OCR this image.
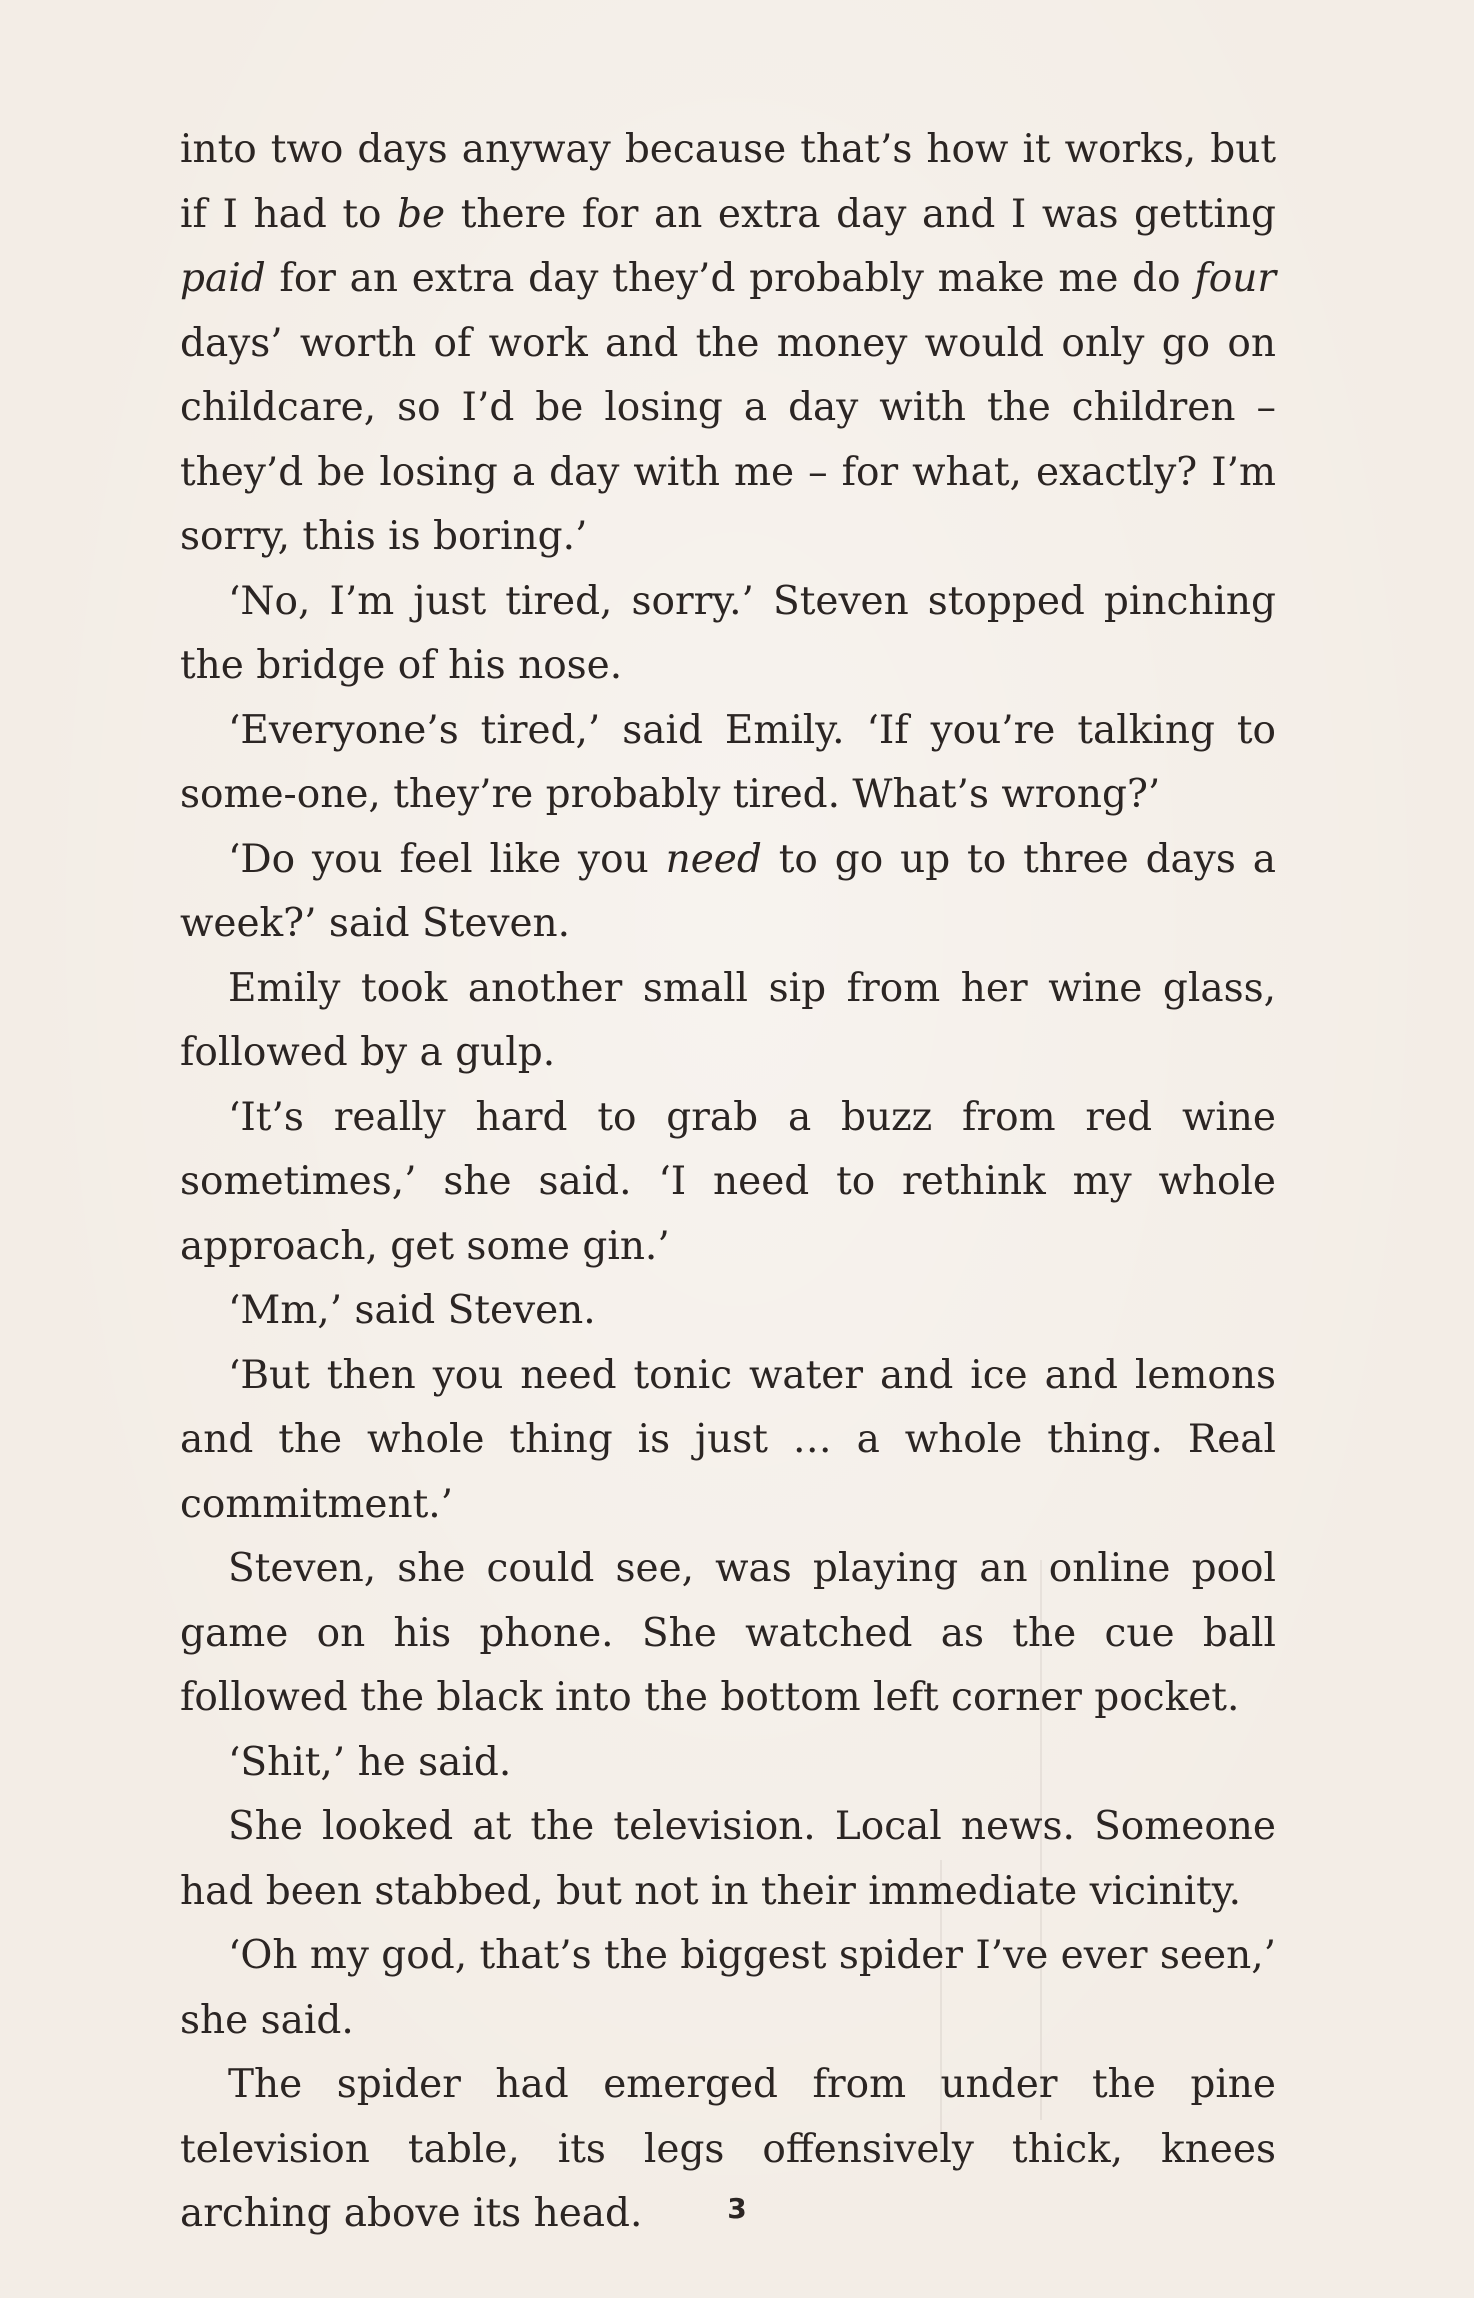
into two days anyway because that’s how it works, but if I had to be there for an extra day and I was getting paid for an extra day they’d probably make me do four days’ worth of work and the money would only go on childcare, so I’d be losing a day with the children – they’d be losing a day with me – for what, exactly? I’m sorry, this is boring.’

‘No, I’m just tired, sorry.’ Steven stopped pinching the bridge of his nose.

‘Everyone’s tired,’ said Emily. ‘If you’re talking to some-one, they’re probably tired. What’s wrong?’

‘Do you feel like you need to go up to three days a week?’ said Steven.

Emily took another small sip from her wine glass, followed by a gulp.

‘It’s really hard to grab a buzz from red wine sometimes,’ she said. ‘I need to rethink my whole approach, get some gin.’

‘Mm,’ said Steven.

‘But then you need tonic water and ice and lemons and the whole thing is just … a whole thing. Real commitment.’

Steven, she could see, was playing an online pool game on his phone. She watched as the cue ball followed the black into the bottom left corner pocket.

‘Shit,’ he said.

She looked at the television. Local news. Someone had been stabbed, but not in their immediate vicinity.

‘Oh my god, that’s the biggest spider I’ve ever seen,’ she said.

The spider had emerged from under the pine television table, its legs offensively thick, knees arching above its head.	3
